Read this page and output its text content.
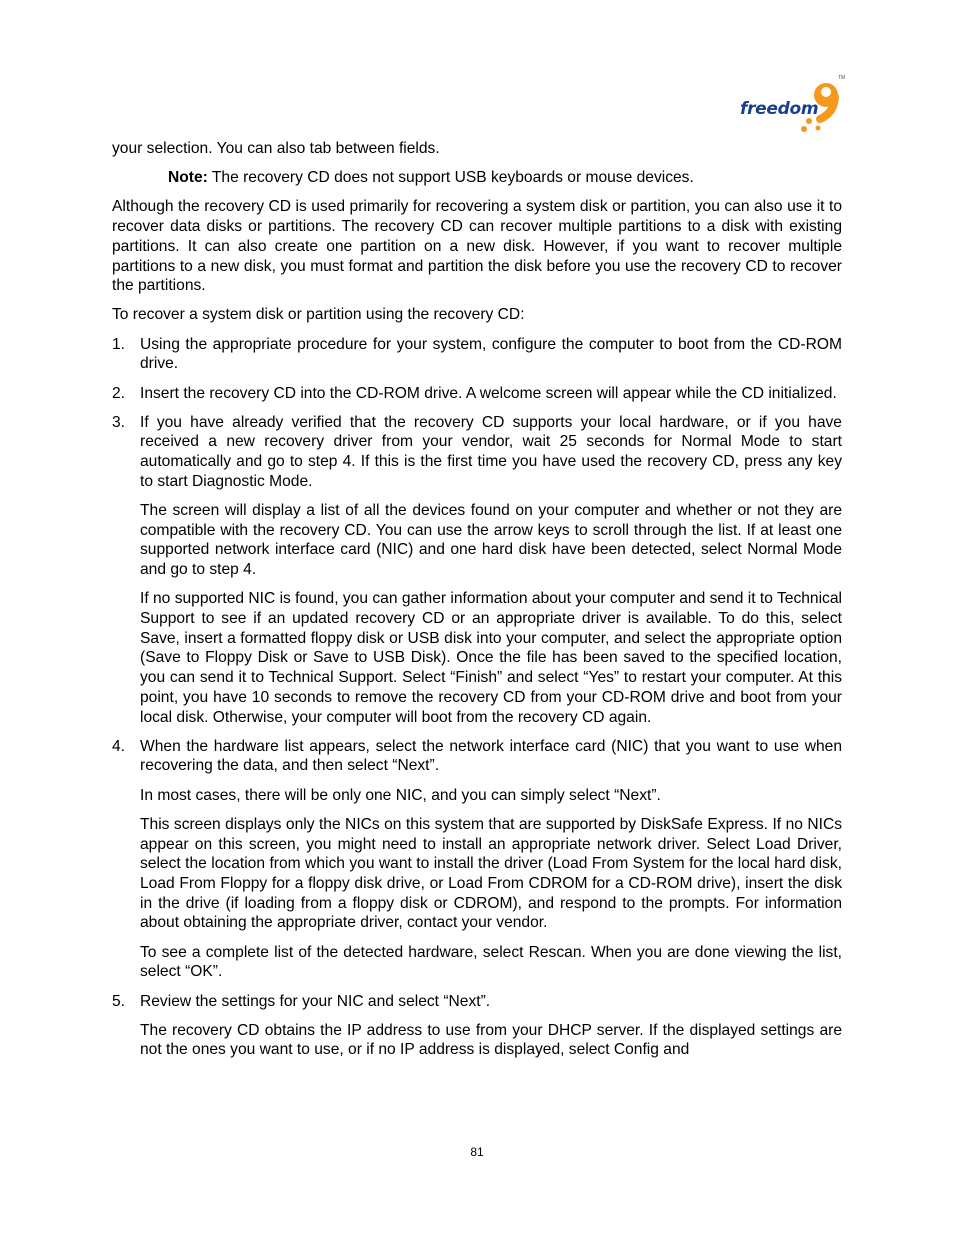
freedom
TM

your selection. You can also tab between fields.

Note: The recovery CD does not support USB keyboards or mouse devices.

Although the recovery CD is used primarily for recovering a system disk or partition, you can also use it to recover data disks or partitions. The recovery CD can recover multiple partitions to a disk with existing partitions. It can also create one partition on a new disk. However, if you want to recover multiple partitions to a new disk, you must format and partition the disk before you use the recovery CD to recover the partitions.

To recover a system disk or partition using the recovery CD:

1. Using the appropriate procedure for your system, configure the computer to boot from the CD-ROM drive.
2. Insert the recovery CD into the CD-ROM drive. A welcome screen will appear while the CD initialized.
3. If you have already verified that the recovery CD supports your local hardware, or if you have received a new recovery driver from your vendor, wait 25 seconds for Normal Mode to start automatically and go to step 4. If this is the first time you have used the recovery CD, press any key to start Diagnostic Mode.

The screen will display a list of all the devices found on your computer and whether or not they are compatible with the recovery CD. You can use the arrow keys to scroll through the list. If at least one supported network interface card (NIC) and one hard disk have been detected, select Normal Mode and go to step 4.

If no supported NIC is found, you can gather information about your computer and send it to Technical Support to see if an updated recovery CD or an appropriate driver is available. To do this, select Save, insert a formatted floppy disk or USB disk into your computer, and select the appropriate option (Save to Floppy Disk or Save to USB Disk). Once the file has been saved to the specified location, you can send it to Technical Support. Select “Finish” and select “Yes” to restart your computer. At this point, you have 10 seconds to remove the recovery CD from your CD-ROM drive and boot from your local disk. Otherwise, your computer will boot from the recovery CD again.

4. When the hardware list appears, select the network interface card (NIC) that you want to use when recovering the data, and then select “Next”.

In most cases, there will be only one NIC, and you can simply select “Next”.

This screen displays only the NICs on this system that are supported by DiskSafe Express. If no NICs appear on this screen, you might need to install an appropriate network driver. Select Load Driver, select the location from which you want to install the driver (Load From System for the local hard disk, Load From Floppy for a floppy disk drive, or Load From CDROM for a CD-ROM drive), insert the disk in the drive (if loading from a floppy disk or CDROM), and respond to the prompts. For information about obtaining the appropriate driver, contact your vendor.

To see a complete list of the detected hardware, select Rescan. When you are done viewing the list, select “OK”.

5. Review the settings for your NIC and select “Next”.

The recovery CD obtains the IP address to use from your DHCP server. If the displayed settings are not the ones you want to use, or if no IP address is displayed, select Config and

81
